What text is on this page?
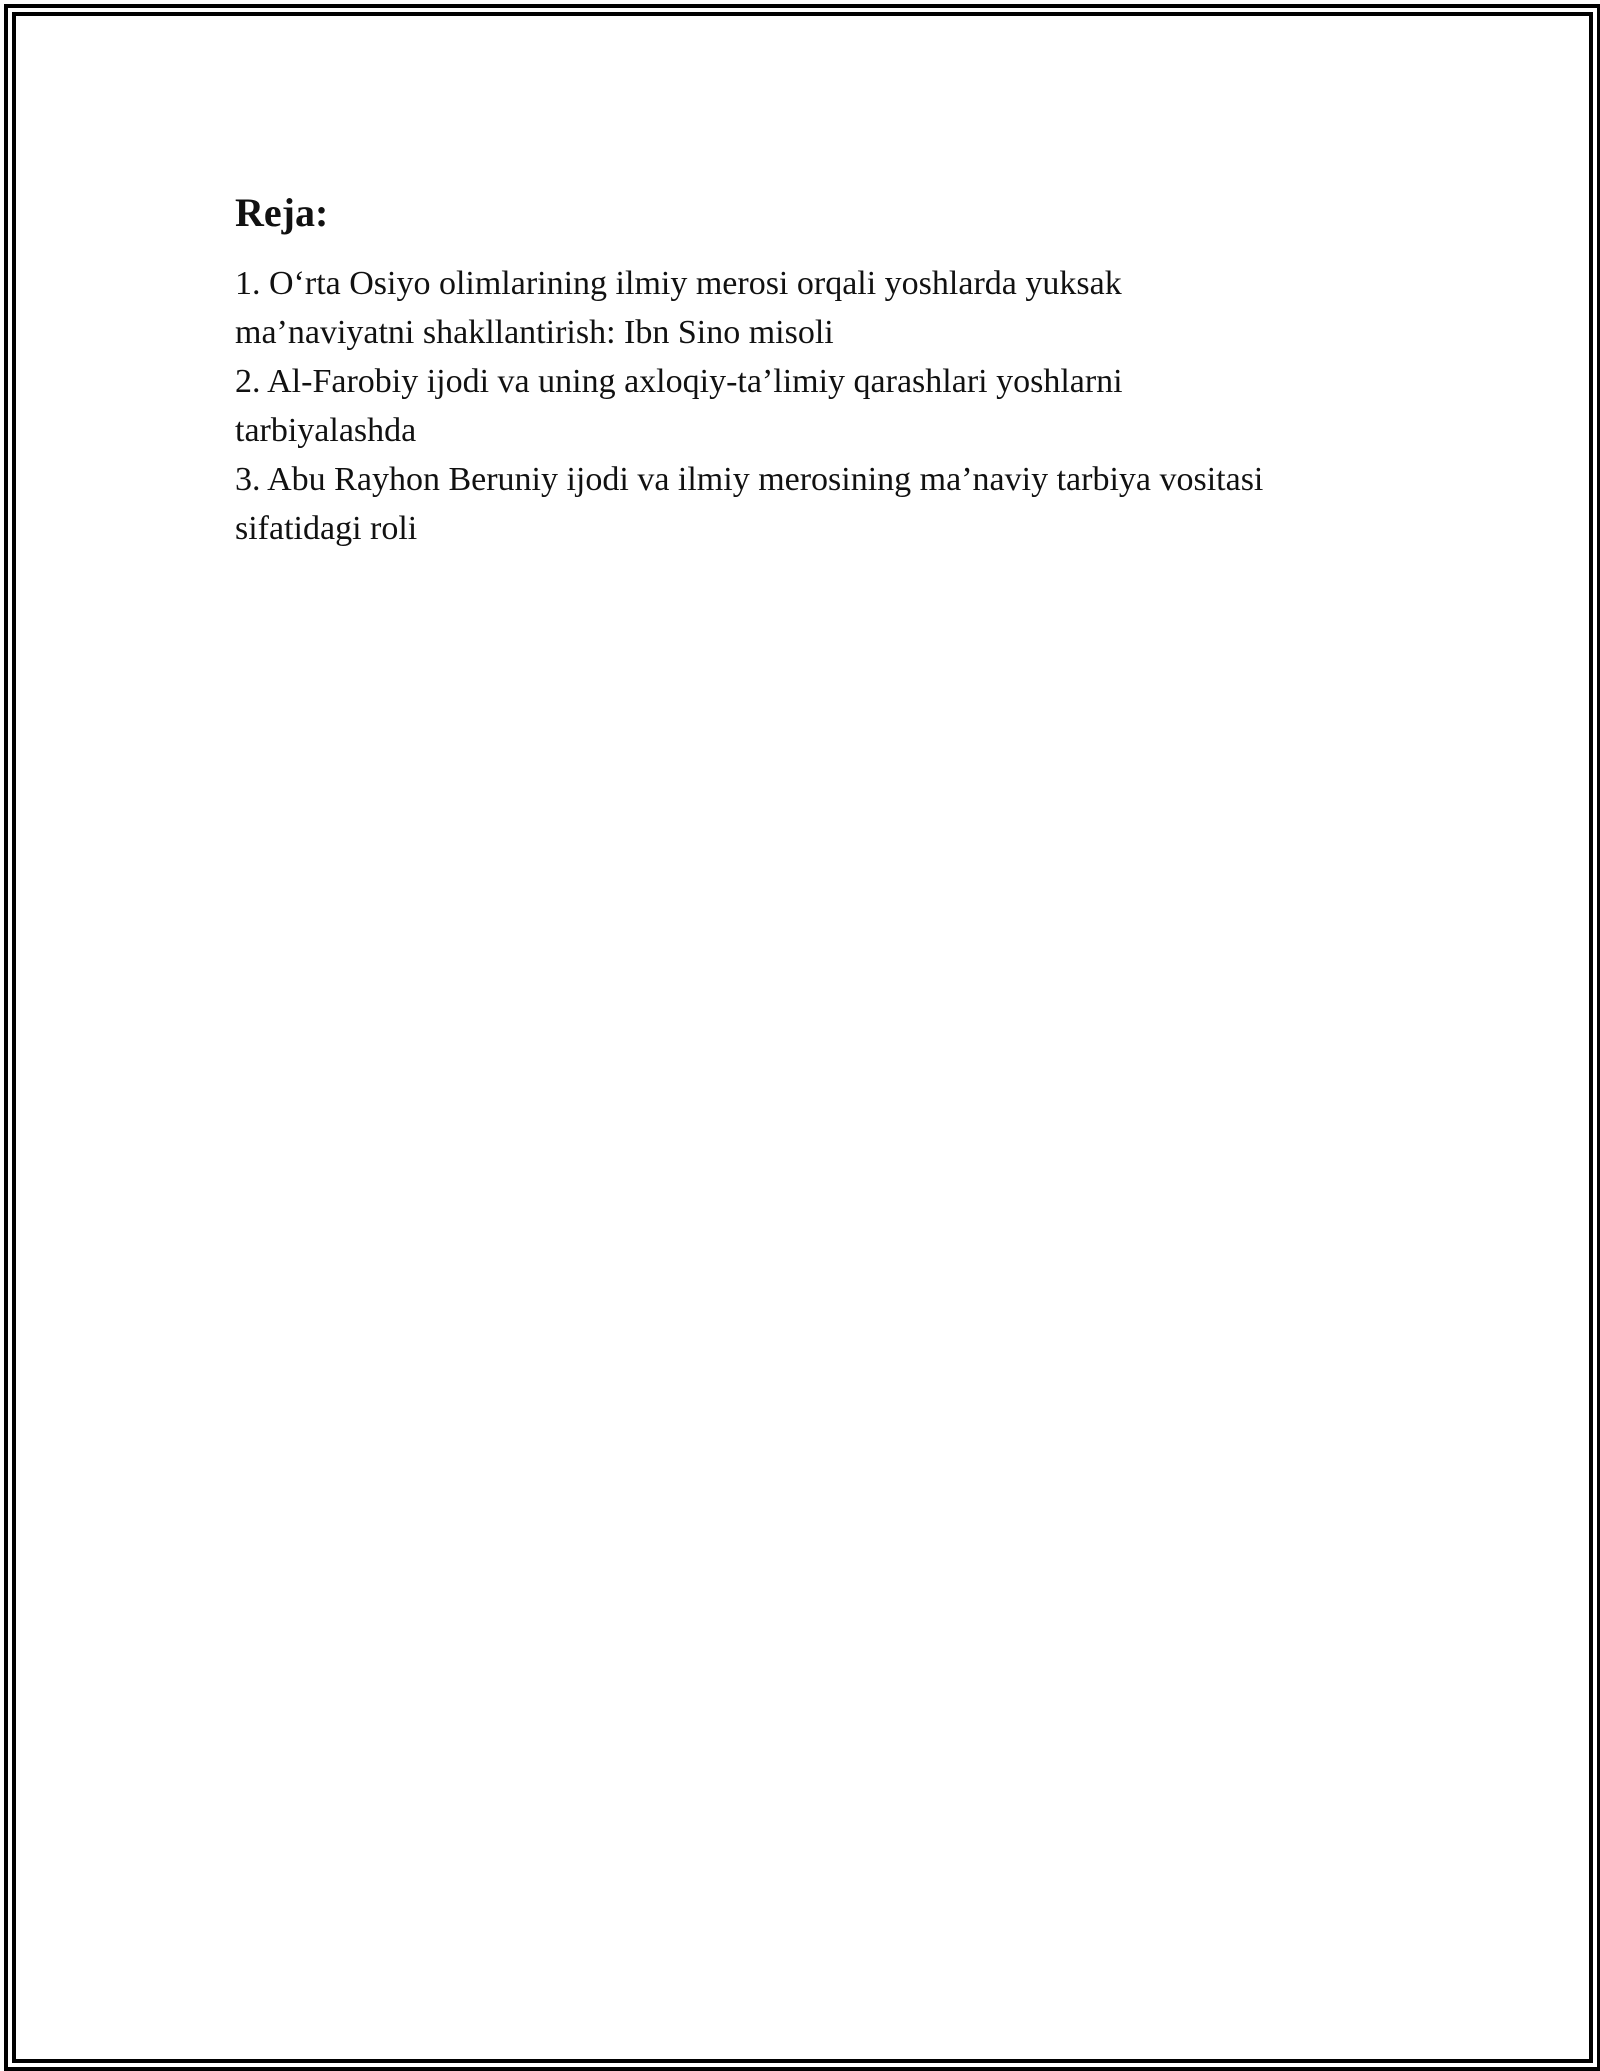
Reja:
1. O‘rta Osiyo olimlarining ilmiy merosi orqali yoshlarda yuksak ma’naviyatni shakllantirish: Ibn Sino misoli
2. Al-Farobiy ijodi va uning axloqiy-ta’limiy qarashlari yoshlarni tarbiyalashda
3. Abu Rayhon Beruniy ijodi va ilmiy merosining ma’naviy tarbiya vositasi sifatidagi roli
